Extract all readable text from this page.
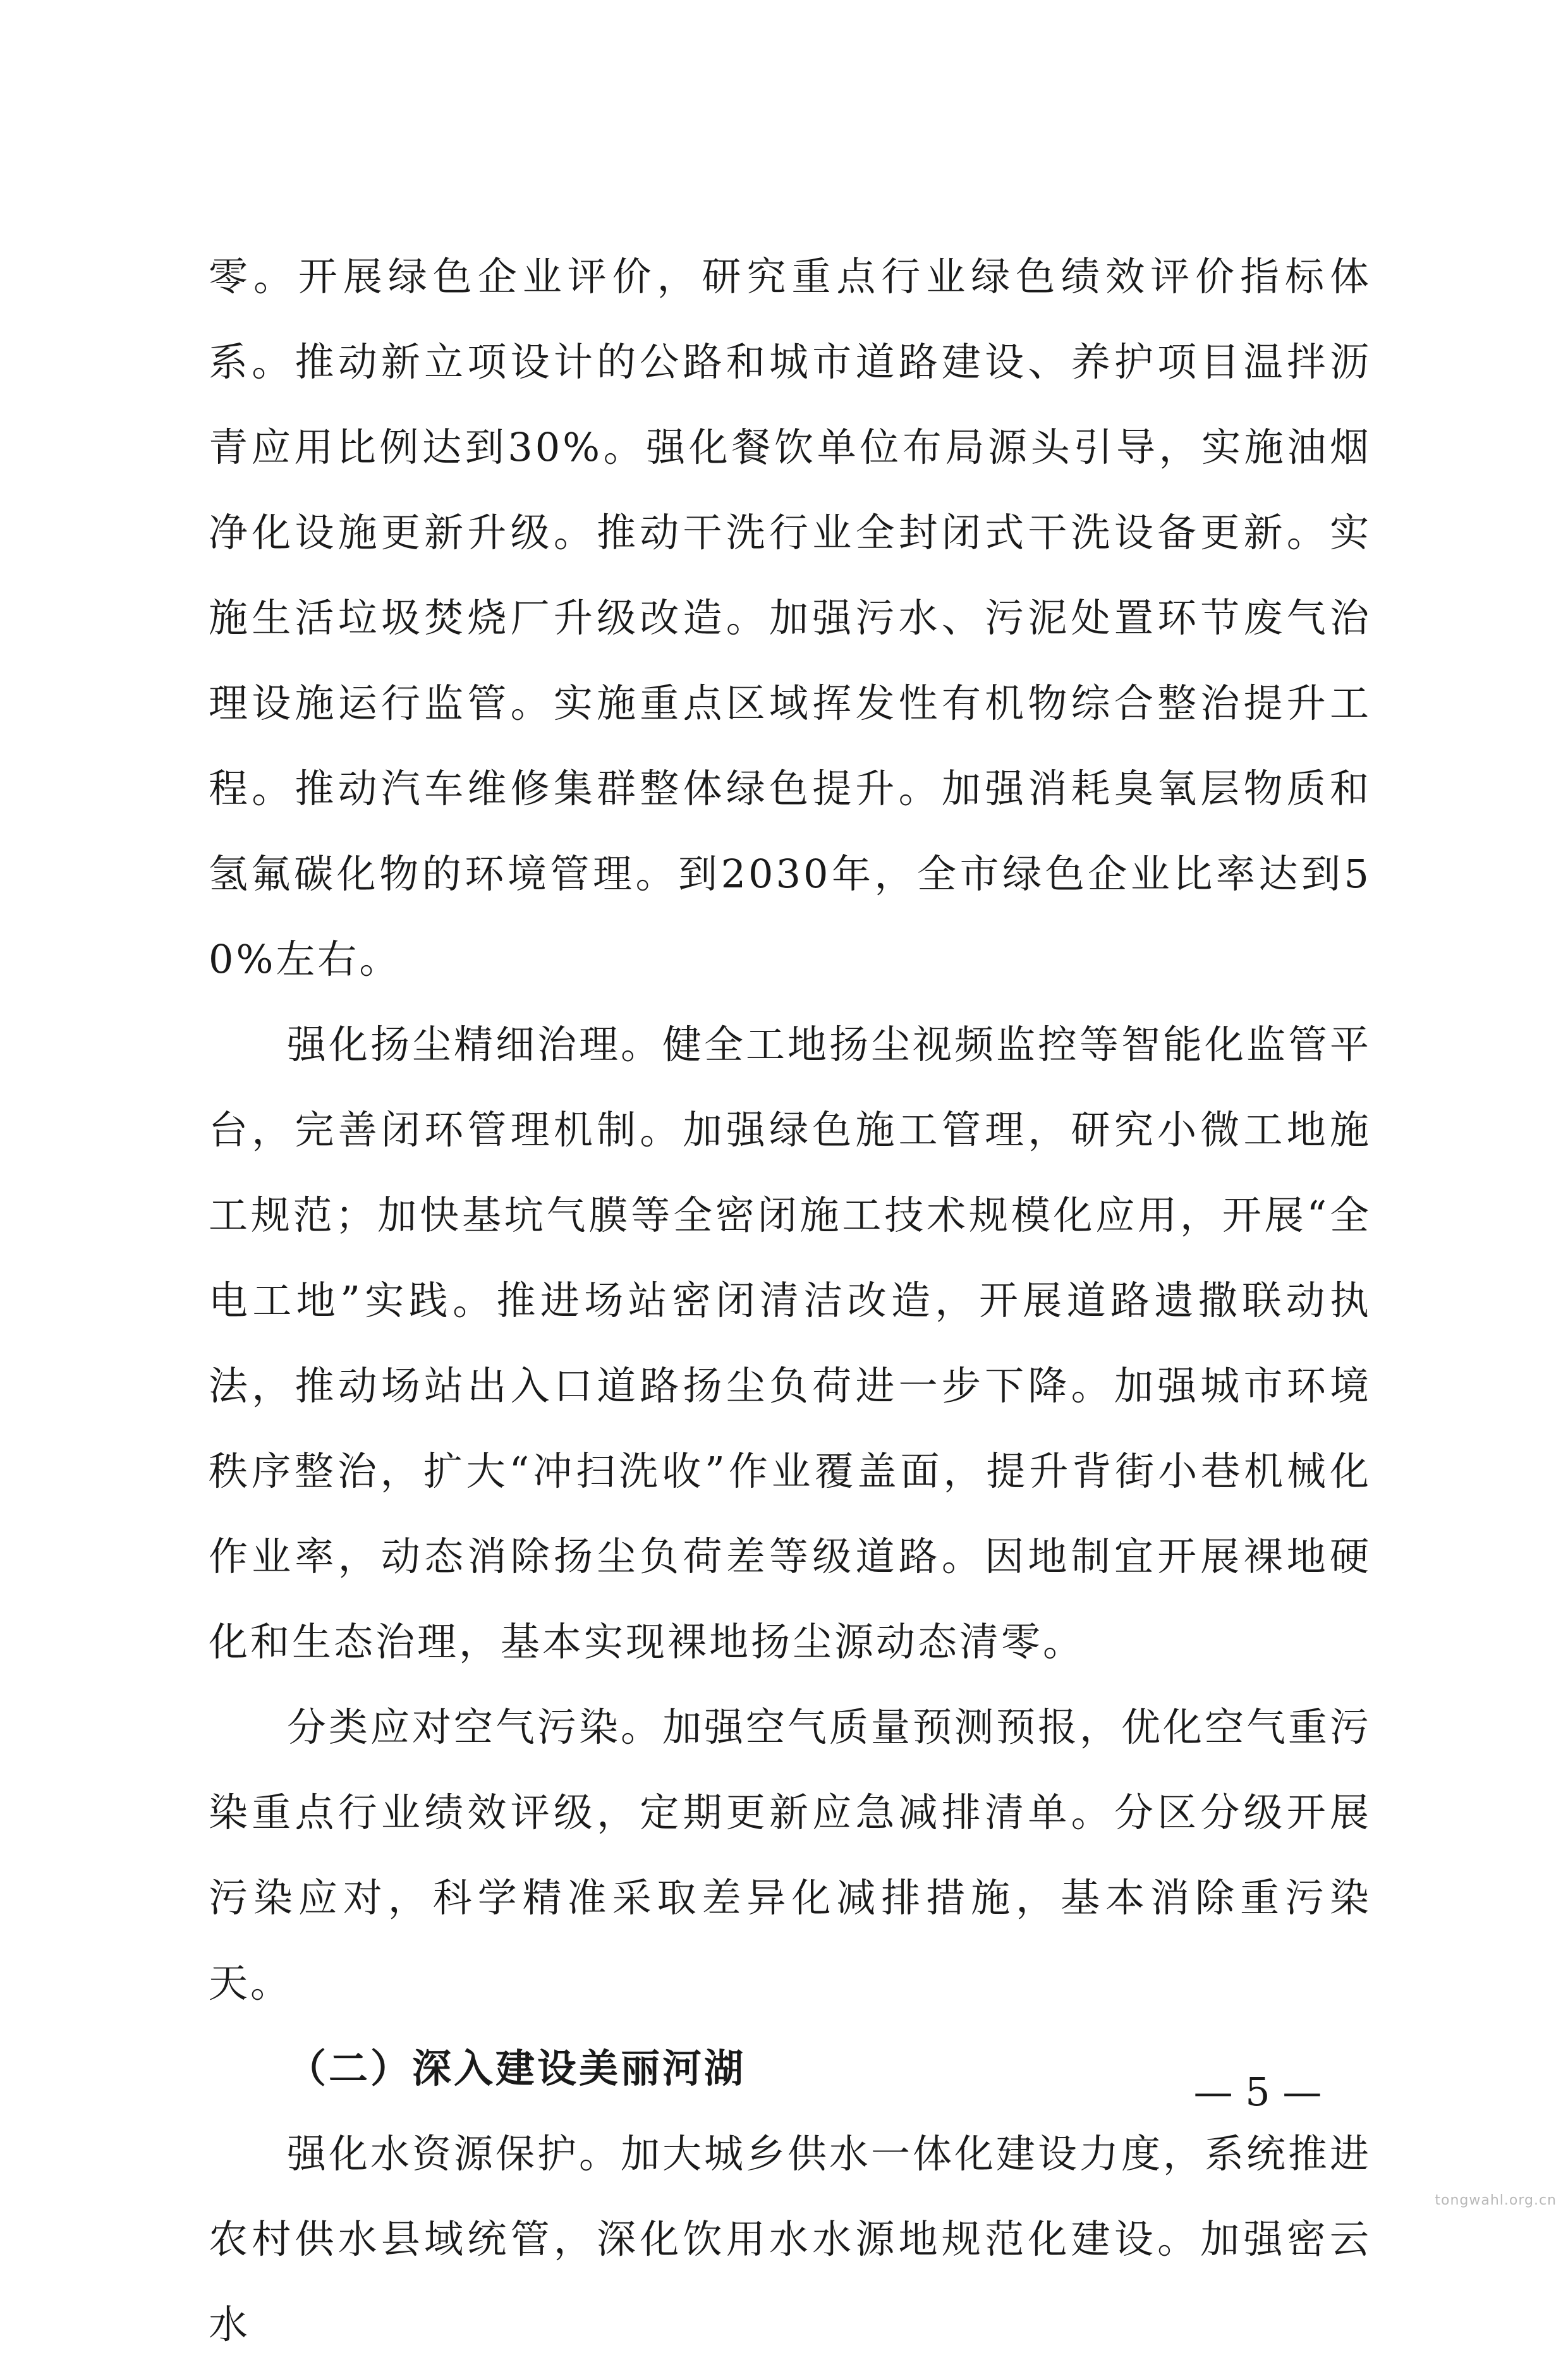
零。开展绿色企业评价，研究重点行业绿色绩效评价指标体系。推动新立项设计的公路和城市道路建设、养护项目温拌沥青应用比例达到30%。强化餐饮单位布局源头引导，实施油烟净化设施更新升级。推动干洗行业全封闭式干洗设备更新。实施生活垃圾焚烧厂升级改造。加强污水、污泥处置环节废气治理设施运行监管。实施重点区域挥发性有机物综合整治提升工程。推动汽车维修集群整体绿色提升。加强消耗臭氧层物质和氢氟碳化物的环境管理。到2030年，全市绿色企业比率达到50%左右。

强化扬尘精细治理。健全工地扬尘视频监控等智能化监管平台，完善闭环管理机制。加强绿色施工管理，研究小微工地施工规范；加快基坑气膜等全密闭施工技术规模化应用，开展“全电工地”实践。推进场站密闭清洁改造，开展道路遗撒联动执法，推动场站出入口道路扬尘负荷进一步下降。加强城市环境秩序整治，扩大“冲扫洗收”作业覆盖面，提升背街小巷机械化作业率，动态消除扬尘负荷差等级道路。因地制宜开展裸地硬化和生态治理，基本实现裸地扬尘源动态清零。

分类应对空气污染。加强空气质量预测预报，优化空气重污染重点行业绩效评级，定期更新应急减排清单。分区分级开展污染应对，科学精准采取差异化减排措施，基本消除重污染天。

（二）深入建设美丽河湖

强化水资源保护。加大城乡供水一体化建设力度，系统推进农村供水县域统管，深化饮用水水源地规范化建设。加强密云水

— 5 —
tongwahl.org.cn
